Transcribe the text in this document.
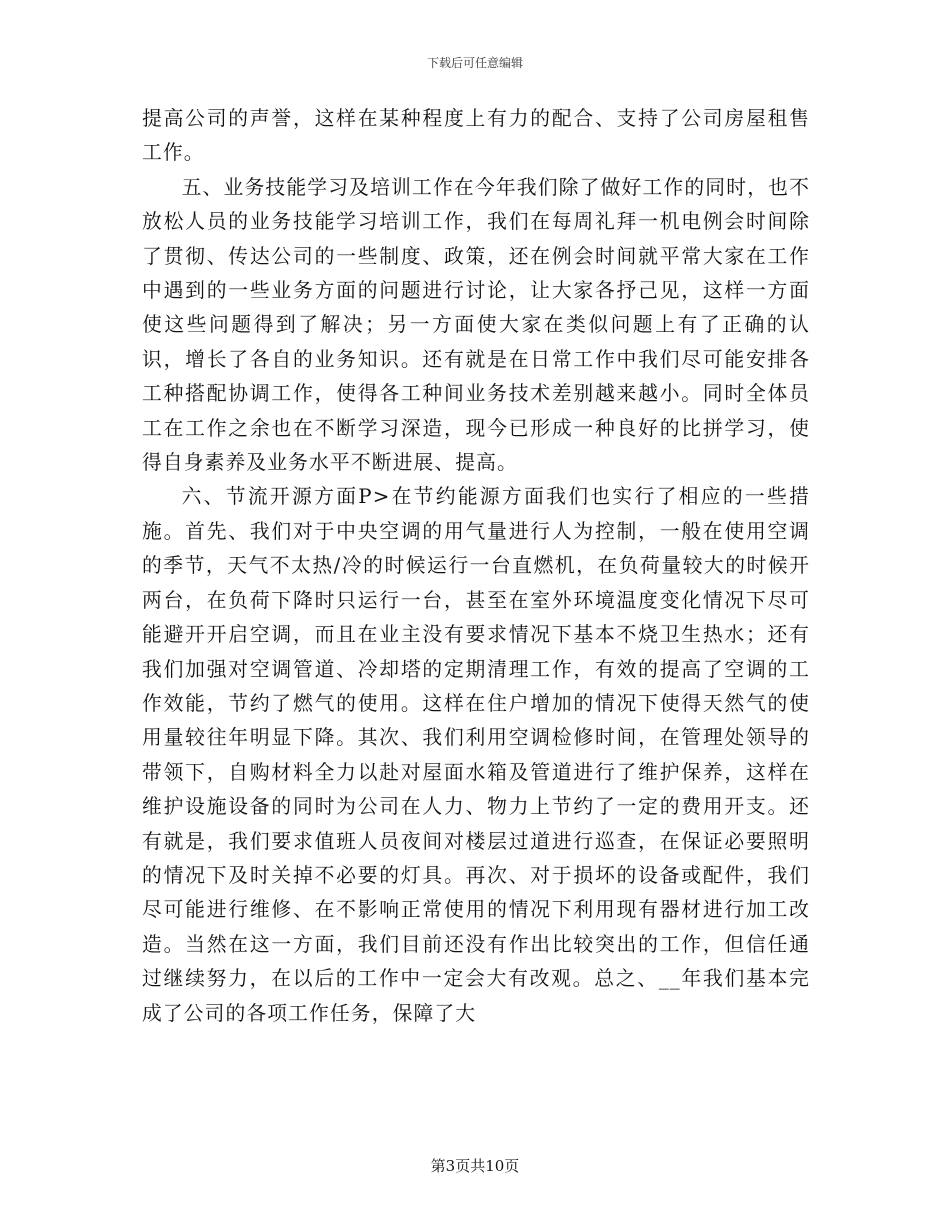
下载后可任意编辑

提高公司的声誉，这样在某种程度上有力的配合、支持了公司房屋租售工作。

五、业务技能学习及培训工作在今年我们除了做好工作的同时，也不放松人员的业务技能学习培训工作，我们在每周礼拜一机电例会时间除了贯彻、传达公司的一些制度、政策，还在例会时间就平常大家在工作中遇到的一些业务方面的问题进行讨论，让大家各抒己见，这样一方面使这些问题得到了解决；另一方面使大家在类似问题上有了正确的认识，增长了各自的业务知识。还有就是在日常工作中我们尽可能安排各工种搭配协调工作，使得各工种间业务技术差别越来越小。同时全体员工在工作之余也在不断学习深造，现今已形成一种良好的比拼学习，使得自身素养及业务水平不断进展、提高。

六、节流开源方面P>在节约能源方面我们也实行了相应的一些措施。首先、我们对于中央空调的用气量进行人为控制，一般在使用空调的季节，天气不太热/冷的时候运行一台直燃机，在负荷量较大的时候开两台，在负荷下降时只运行一台，甚至在室外环境温度变化情况下尽可能避开开启空调，而且在业主没有要求情况下基本不烧卫生热水；还有我们加强对空调管道、冷却塔的定期清理工作，有效的提高了空调的工作效能，节约了燃气的使用。这样在住户增加的情况下使得天然气的使用量较往年明显下降。其次、我们利用空调检修时间，在管理处领导的带领下，自购材料全力以赴对屋面水箱及管道进行了维护保养，这样在维护设施设备的同时为公司在人力、物力上节约了一定的费用开支。还有就是，我们要求值班人员夜间对楼层过道进行巡查，在保证必要照明的情况下及时关掉不必要的灯具。再次、对于损坏的设备或配件，我们尽可能进行维修、在不影响正常使用的情况下利用现有器材进行加工改造。当然在这一方面，我们目前还没有作出比较突出的工作，但信任通过继续努力，在以后的工作中一定会大有改观。总之、__年我们基本完成了公司的各项工作任务，保障了大

第3页共10页
